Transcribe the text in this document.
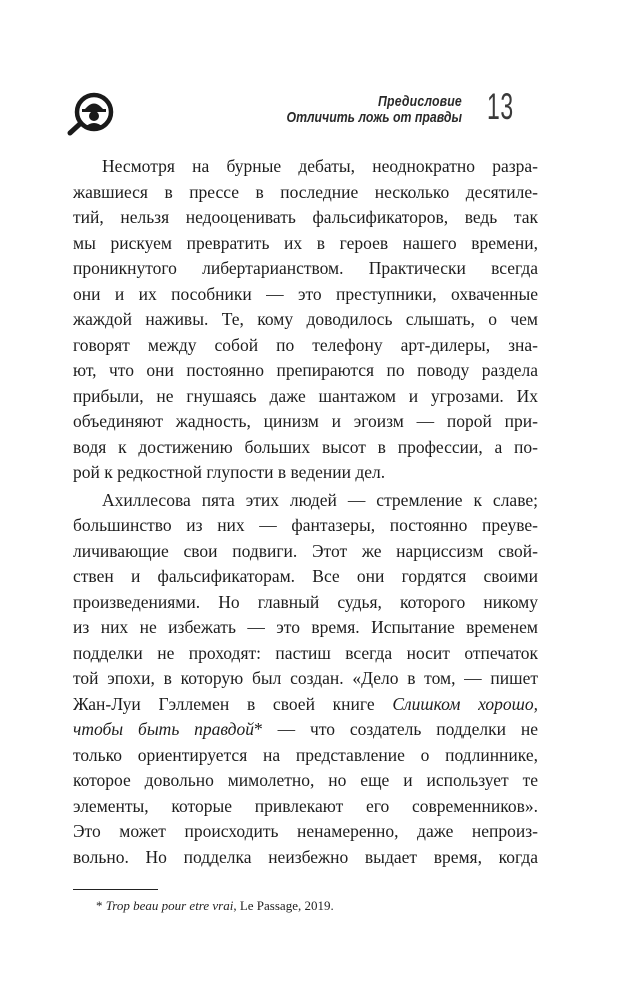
Предисловие
Отличить ложь от правды 13

Несмотря на бурные дебаты, неоднократно разра-
жавшиеся в прессе в последние несколько десятиле-
тий, нельзя недооценивать фальсификаторов, ведь так
мы рискуем превратить их в героев нашего времени,
проникнутого либертарианством. Практически всегда
они и их пособники — это преступники, охваченные
жаждой наживы. Те, кому доводилось слышать, о чем
говорят между собой по телефону арт-дилеры, зна-
ют, что они постоянно препираются по поводу раздела
прибыли, не гнушаясь даже шантажом и угрозами. Их
объединяют жадность, цинизм и эгоизм — порой при-
водя к достижению больших высот в профессии, а по-
рой к редкостной глупости в ведении дел.

Ахиллесова пята этих людей — стремление к славе;
большинство из них — фантазеры, постоянно преуве-
личивающие свои подвиги. Этот же нарциссизм свой-
ствен и фальсификаторам. Все они гордятся своими
произведениями. Но главный судья, которого никому
из них не избежать — это время. Испытание временем
подделки не проходят: пастиш всегда носит отпечаток
той эпохи, в которую был создан. «Дело в том, — пишет
Жан-Луи Гэллемен в своей книге Слишком хорошо,
чтобы быть правдой* — что создатель подделки не
только ориентируется на представление о подлиннике,
которое довольно мимолетно, но еще и использует те
элементы, которые привлекают его современников».
Это может происходить ненамеренно, даже непроиз-
вольно. Но подделка неизбежно выдает время, когда

* Trop beau pour etre vrai, Le Passage, 2019.
